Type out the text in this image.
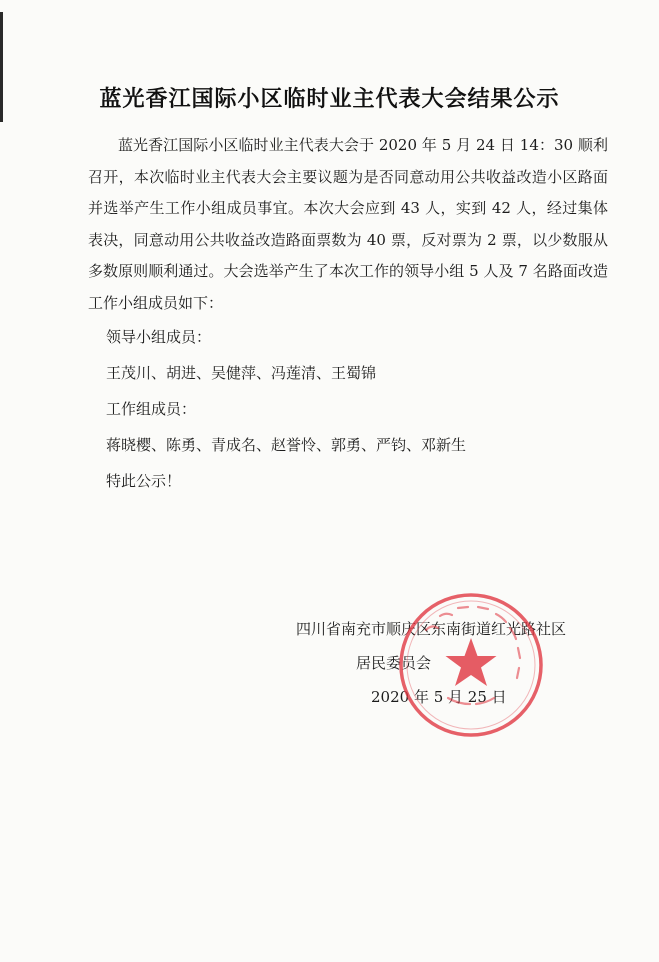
蓝光香江国际小区临时业主代表大会结果公示

蓝光香江国际小区临时业主代表大会于 2020 年 5 月 24 日 14：30 顺利召开，本次临时业主代表大会主要议题为是否同意动用公共收益改造小区路面并选举产生工作小组成员事宜。本次大会应到 43 人，实到 42 人，经过集体表决，同意动用公共收益改造路面票数为 40 票，反对票为 2 票，以少数服从多数原则顺利通过。大会选举产生了本次工作的领导小组 5 人及 7 名路面改造工作小组成员如下：

领导小组成员：
王茂川、胡进、吴健萍、冯莲清、王蜀锦
工作组成员：
蒋晓樱、陈勇、青成名、赵誉怜、郭勇、严钧、邓新生
特此公示！
四川省南充市顺庆区东南街道红光路社区
居民委员会
2020 年 5 月 25 日
